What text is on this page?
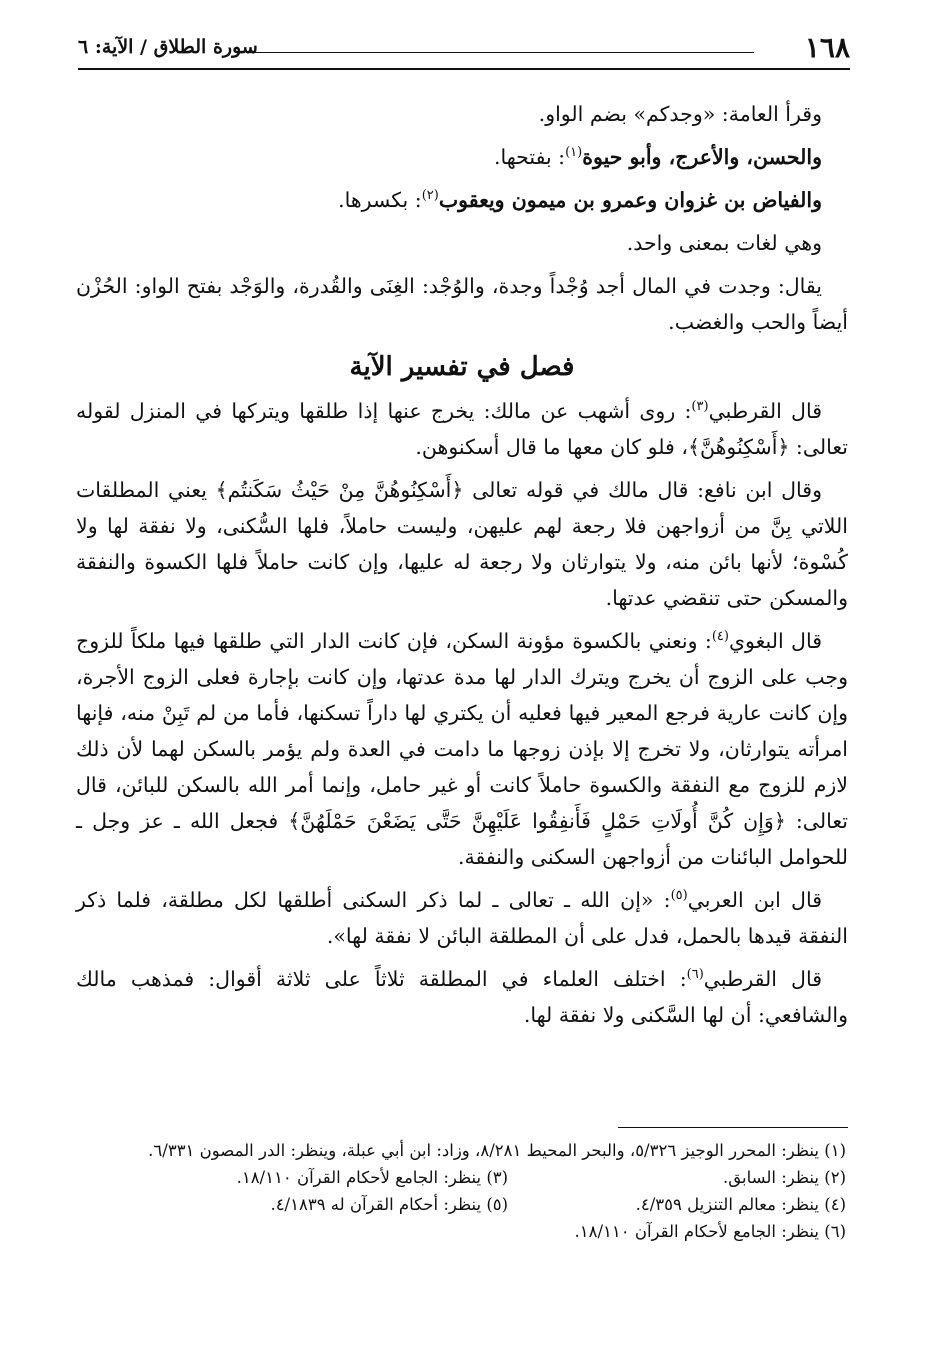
١٦٨
سورة الطلاق / الآية: ٦

وقرأ العامة: «وجدكم» بضم الواو.

والحسن، والأعرج، وأبو حيوة$^{(١)}$: بفتحها.

والفياض بن غزوان وعمرو بن ميمون ويعقوب$^{(٢)}$: بكسرها.

وهي لغات بمعنى واحد.

يقال: وجدت في المال أجد وُجْداً وجدة، والوُجْد: الغِنَى والقُدرة، والوَجْد بفتح الواو: الحُزْن أيضاً والحب والغضب.

فصل في تفسير الآية

قال القرطبي$^{(٣)}$: روى أشهب عن مالك: يخرج عنها إذا طلقها ويتركها في المنزل لقوله تعالى: ﴿أَسْكِنُوهُنَّ﴾، فلو كان معها ما قال أسكنوهن.

وقال ابن نافع: قال مالك في قوله تعالى ﴿أَسْكِنُوهُنَّ مِنْ حَيْثُ سَكَنتُم﴾ يعني المطلقات اللاتي بِنَّ من أزواجهن فلا رجعة لهم عليهن، وليست حاملاً، فلها السُّكنى، ولا نفقة لها ولا كُسْوة؛ لأنها بائن منه، ولا يتوارثان ولا رجعة له عليها، وإن كانت حاملاً فلها الكسوة والنفقة والمسكن حتى تنقضي عدتها.

قال البغوي$^{(٤)}$: ونعني بالكسوة مؤونة السكن، فإن كانت الدار التي طلقها فيها ملكاً للزوج وجب على الزوج أن يخرج ويترك الدار لها مدة عدتها، وإن كانت بإجارة فعلى الزوج الأجرة، وإن كانت عارية فرجع المعير فيها فعليه أن يكتري لها داراً تسكنها، فأما من لم تَبِنْ منه، فإنها امرأته يتوارثان، ولا تخرج إلا بإذن زوجها ما دامت في العدة ولم يؤمر بالسكن لهما لأن ذلك لازم للزوج مع النفقة والكسوة حاملاً كانت أو غير حامل، وإنما أمر الله بالسكن للبائن، قال تعالى: ﴿وَإِن كُنَّ أُولَاتِ حَمْلٍ فَأَنفِقُوا عَلَيْهِنَّ حَتَّى يَضَعْنَ حَمْلَهُنَّ﴾ فجعل الله ـ عز وجل ـ للحوامل البائنات من أزواجهن السكنى والنفقة.

قال ابن العربي$^{(٥)}$: «إن الله ـ تعالى ـ لما ذكر السكنى أطلقها لكل مطلقة، فلما ذكر النفقة قيدها بالحمل، فدل على أن المطلقة البائن لا نفقة لها».

قال القرطبي$^{(٦)}$: اختلف العلماء في المطلقة ثلاثاً على ثلاثة أقوال: فمذهب مالك والشافعي: أن لها السَّكنى ولا نفقة لها.

(١) ينظر: المحرر الوجيز ٥/٣٢٦، والبحر المحيط ٨/٢٨١، وزاد: ابن أبي عبلة، وينظر: الدر المصون ٦/٣٣١.

(٢) ينظر: السابق.
(٣) ينظر: الجامع لأحكام القرآن ١٨/١١٠.
(٤) ينظر: معالم التنزيل ٤/٣٥٩.
(٥) ينظر: أحكام القرآن له ٤/١٨٣٩.

(٦) ينظر: الجامع لأحكام القرآن ١٨/١١٠.
